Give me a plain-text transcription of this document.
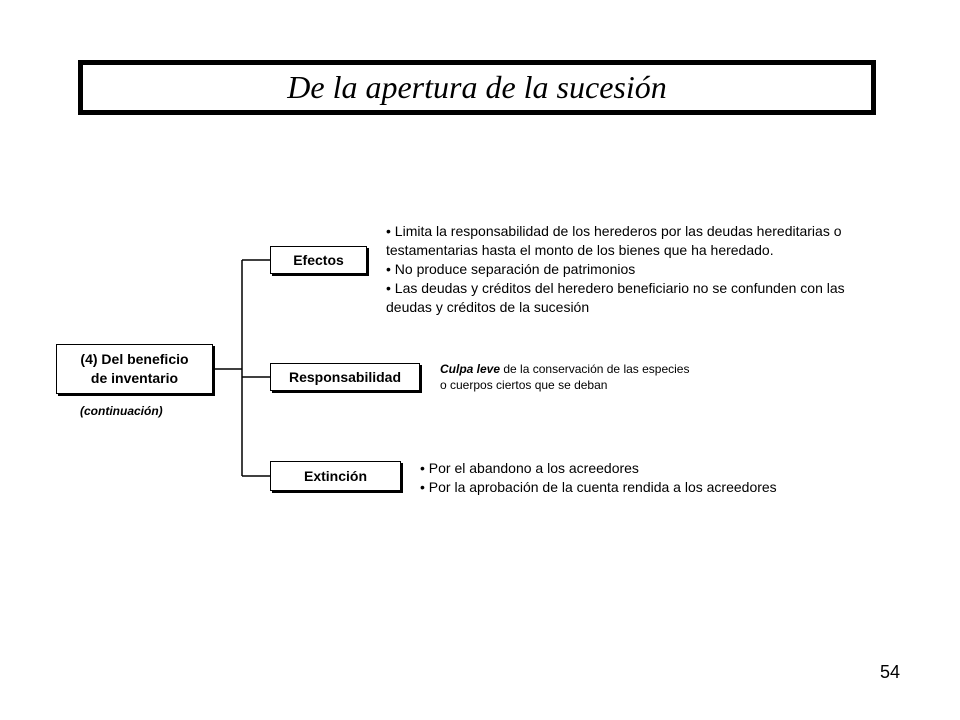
De la apertura de la sucesión
(4) Del beneficio
de inventario
(continuación)
Efectos
Responsabilidad
Extinción
• Limita la responsabilidad de los herederos por las deudas hereditarias o testamentarias hasta el monto de los bienes que ha heredado.
• No produce separación de patrimonios
• Las deudas y créditos del heredero beneficiario no se confunden con las deudas y créditos de la sucesión
Culpa leve de la conservación de las especies
o cuerpos ciertos que se deban
• Por el abandono a los acreedores
• Por la aprobación de la cuenta rendida a los acreedores
54
